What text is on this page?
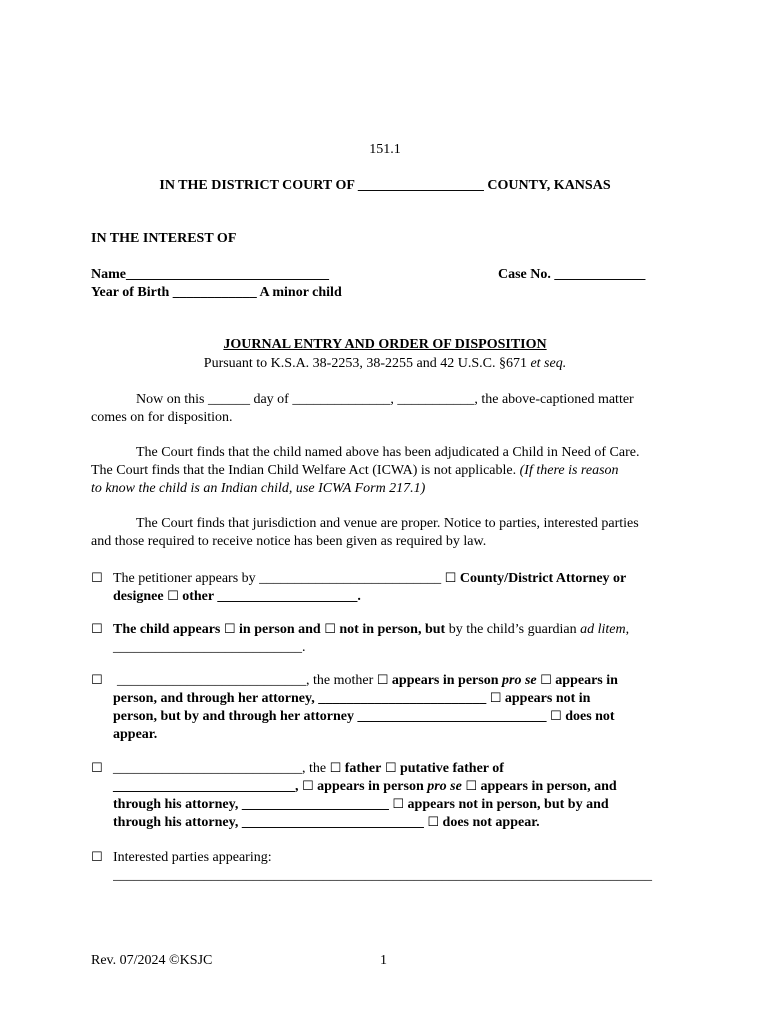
151.1
IN THE DISTRICT COURT OF __________________ COUNTY, KANSAS
IN THE INTEREST OF
Name_____________________________	Case No. _____________
Year of Birth ____________ A minor child
JOURNAL ENTRY AND ORDER OF DISPOSITION
Pursuant to K.S.A. 38-2253, 38-2255 and 42 U.S.C. §671 et seq.
Now on this ______ day of ______________, ___________, the above-captioned matter
comes on for disposition.
The Court finds that the child named above has been adjudicated a Child in Need of Care.
The Court finds that the Indian Child Welfare Act (ICWA) is not applicable. (If there is reason
to know the child is an Indian child, use ICWA Form 217.1)
The Court finds that jurisdiction and venue are proper. Notice to parties, interested parties
and those required to receive notice has been given as required by law.
☐ The petitioner appears by __________________________ ☐ County/District Attorney or
designee ☐ other ____________________.
☐ The child appears ☐ in person and ☐ not in person, but by the child’s guardian ad litem,
___________________________.
☐ ___________________________, the mother ☐ appears in person pro se ☐ appears in
person, and through her attorney, ________________________ ☐ appears not in
person, but by and through her attorney ___________________________ ☐ does not
appear.
☐ ___________________________, the ☐ father ☐ putative father of
__________________________, ☐ appears in person pro se ☐ appears in person, and
through his attorney, _____________________ ☐ appears not in person, but by and
through his attorney, __________________________ ☐ does not appear.
☐ Interested parties appearing:
_____________________________________________________________________________
Rev. 07/2024 ©KSJC	1
